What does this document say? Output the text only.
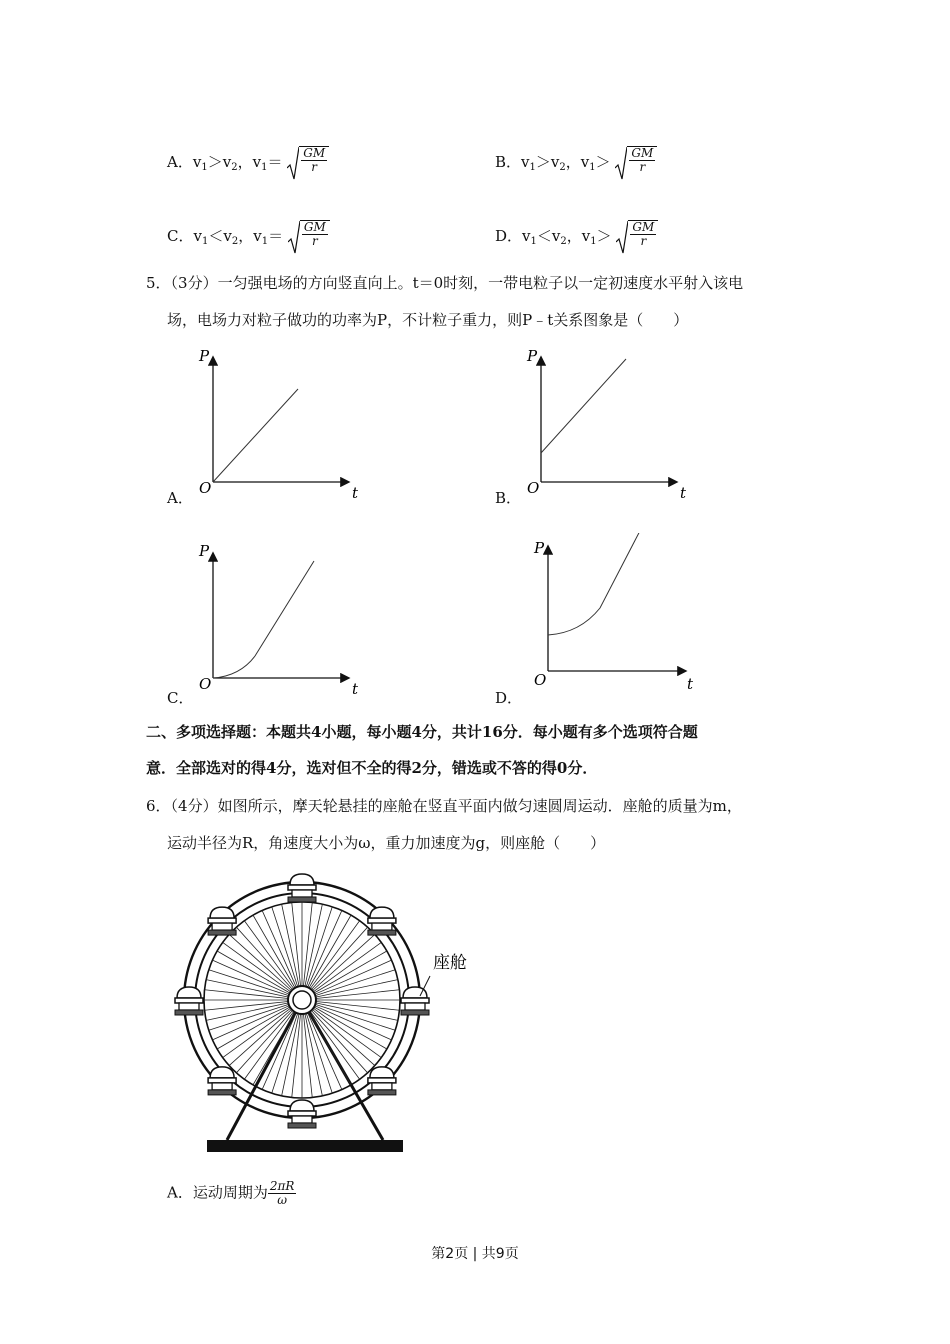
A．$v_1>v_2$，$v_1= \frac{GM}{r}$	B．$v_1>v_2$，$v_1> \frac{GM}{r}$
C．$v_1<v_2$，$v_1= \frac{GM}{r}$	D．$v_1<v_2$，$v_1> \frac{GM}{r}$
5．（3分）一匀强电场的方向竖直向上。t＝0时刻，一带电粒子以一定初速度水平射入该电
场，电场力对粒子做功的功率为P，不计粒子重力，则P﹣t关系图象是（　　）
A．
P
t
O
B．
P
t
O
C．
P
t
O
D．
P
t
O
二、多项选择题：本题共4小题，每小题4分，共计16分．每小题有多个选项符合题
意．全部选对的得4分，选对但不全的得2分，错选或不答的得0分．
6．（4分）如图所示，摩天轮悬挂的座舱在竖直平面内做匀速圆周运动．座舱的质量为m，
运动半径为R，角速度大小为ω，重力加速度为g，则座舱（　　）
座舱
A．运动周期为 $\frac{2\pi R}{\omega}$
第2页 | 共9页
